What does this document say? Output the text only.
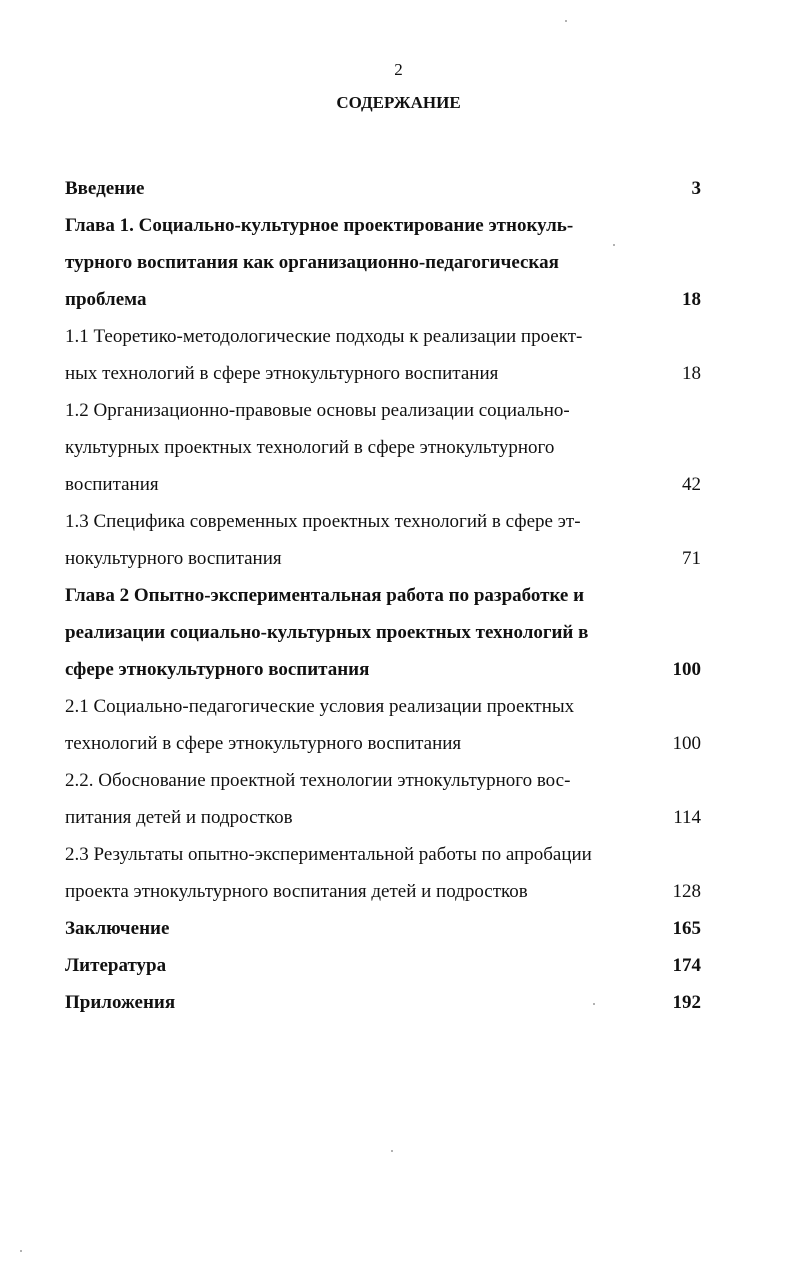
2
СОДЕРЖАНИЕ
Введение	3
Глава 1. Социально-культурное проектирование этнокуль-
турного воспитания как организационно-педагогическая
проблема	18
1.1 Теоретико-методологические подходы к реализации проект-
ных технологий в сфере этнокультурного воспитания	18
1.2 Организационно-правовые основы реализации социально-
культурных проектных технологий в сфере этнокультурного
воспитания	42
1.3 Специфика современных проектных технологий в сфере эт-
нокультурного воспитания	71
Глава 2 Опытно-экспериментальная работа по разработке и
реализации социально-культурных проектных технологий в
сфере этнокультурного воспитания	100
2.1 Социально-педагогические условия реализации проектных
технологий в сфере этнокультурного воспитания	100
2.2. Обоснование проектной технологии этнокультурного вос-
питания детей и подростков	114
2.3 Результаты опытно-экспериментальной работы по апробации
проекта этнокультурного воспитания детей и подростков	128
Заключение	165
Литература	174
Приложения	192
